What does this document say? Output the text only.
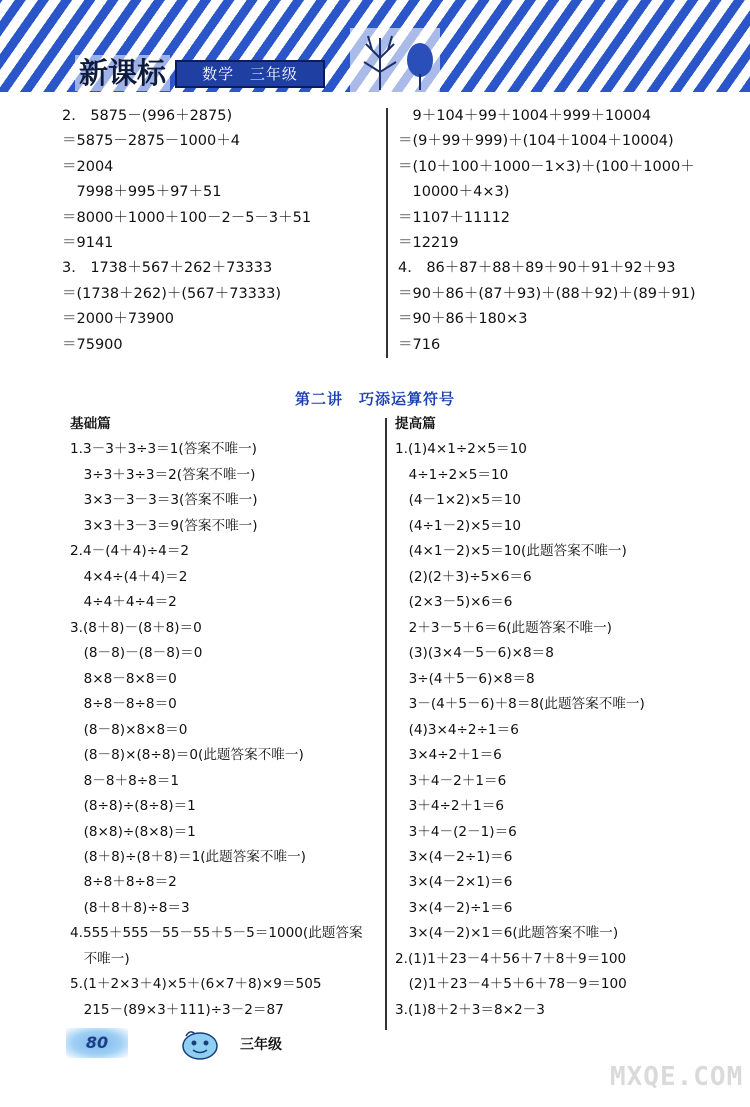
新课标	数学 三年级
2.　5875－(996＋2875)
＝5875－2875－1000＋4
＝2004
　7998＋995＋97＋51
＝8000＋1000＋100－2－5－3＋51
＝9141
3.　1738＋567＋262＋73333
＝(1738＋262)＋(567＋73333)
＝2000＋73900
＝75900
　9＋104＋99＋1004＋999＋10004
＝(9＋99＋999)＋(104＋1004＋10004)
＝(10＋100＋1000－1×3)＋(100＋1000＋
　10000＋4×3)
＝1107＋11112
＝12219
4.　86＋87＋88＋89＋90＋91＋92＋93
＝90＋86＋(87＋93)＋(88＋92)＋(89＋91)
＝90＋86＋180×3
＝716
第二讲　巧添运算符号
基础篇
1.3－3＋3÷3＝1(答案不唯一)
　3÷3＋3÷3＝2(答案不唯一)
　3×3－3－3＝3(答案不唯一)
　3×3＋3－3＝9(答案不唯一)
2.4－(4＋4)÷4＝2
　4×4÷(4＋4)＝2
　4÷4＋4÷4＝2
3.(8＋8)－(8＋8)＝0
　(8－8)－(8－8)＝0
　8×8－8×8＝0
　8÷8－8÷8＝0
　(8－8)×8×8＝0
　(8－8)×(8÷8)＝0(此题答案不唯一)
　8－8＋8÷8＝1
　(8÷8)÷(8÷8)＝1
　(8×8)÷(8×8)＝1
　(8＋8)÷(8＋8)＝1(此题答案不唯一)
　8÷8＋8÷8＝2
　(8＋8＋8)÷8＝3
4.555＋555－55－55＋5－5＝1000(此题答案
　不唯一)
5.(1＋2×3＋4)×5＋(6×7＋8)×9＝505
　215－(89×3＋111)÷3－2＝87
提高篇
1.(1)4×1÷2×5＝10
　4÷1÷2×5＝10
　(4－1×2)×5＝10
　(4÷1－2)×5＝10
　(4×1－2)×5＝10(此题答案不唯一)
　(2)(2＋3)÷5×6＝6
　(2×3－5)×6＝6
　2＋3－5＋6＝6(此题答案不唯一)
　(3)(3×4－5－6)×8＝8
　3÷(4＋5－6)×8＝8
　3－(4＋5－6)＋8＝8(此题答案不唯一)
　(4)3×4÷2÷1＝6
　3×4÷2＋1＝6
　3＋4－2＋1＝6
　3＋4÷2＋1＝6
　3＋4－(2－1)＝6
　3×(4－2÷1)＝6
　3×(4－2×1)＝6
　3×(4－2)÷1＝6
　3×(4－2)×1＝6(此题答案不唯一)
2.(1)1＋23－4＋56＋7＋8＋9＝100
　(2)1＋23－4＋5＋6＋78－9＝100
3.(1)8＋2＋3＝8×2－3
80	三年级
MXQE.COM
